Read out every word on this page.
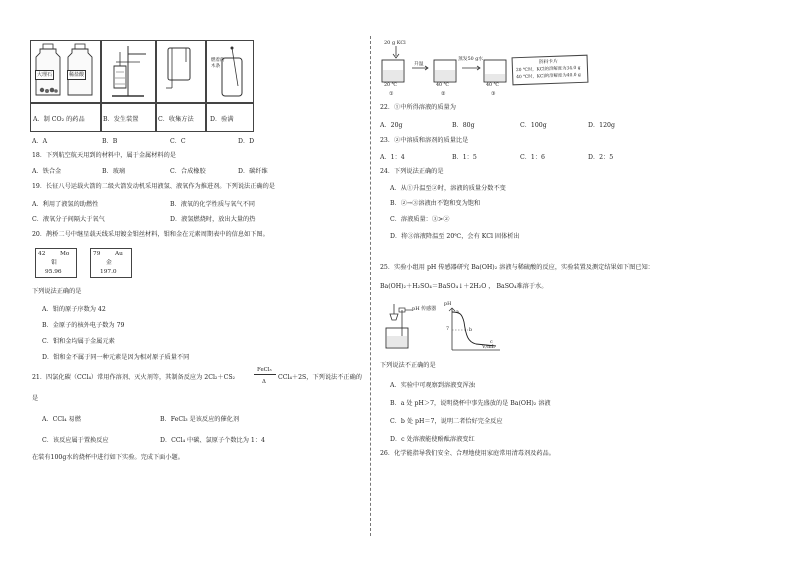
大理石	稀盐酸
燃着的
木条
A．制 CO₂ 的药品	B．发生装置	C．收集方法	D．验满
A．A	B．B	C．C	D．D
18．下列航空航天用到的材料中，属于金属材料的是
A．铁合金	B．玻璃	C．合成橡胶	D．碳纤维
19．长征八号运载火箭的二级火箭发动机采用液氢、液氧作为推进剂。下列说法正确的是
A．利用了液氢的助燃性	B．液氧的化学性质与氧气不同
C．液氧分子间隔大于氧气	D．液氢燃烧时，放出大量的热
20．鹊桥二号中继星载天线采用镀金钼丝材料，钼和金在元素周期表中的信息如下图。
42	Mo
钼
95.96
79	Au
金
197.0
下列说法正确的是
A．钼的原子序数为 42
B．金原子的核外电子数为 79
C．钼和金均属于金属元素
D．钼和金不属于同一种元素是因为相对原子质量不同
21．四氯化碳（CCl₄）常用作溶剂、灭火剂等，其制备反应为 2Cl₂＋CS₂
FeCl₃
Δ
CCl₄＋2S，下列说法不正确的
是
A．CCl₄ 易燃	B．FeCl₃ 是该反应的催化剂
C．该反应属于置换反应	D．CCl₄ 中碳、氯原子个数比为 1：4
在装有100g水的烧杯中进行如下实验。完成下面小题。
20 g KCl
升温
蒸发50 g水
20 ℃	40 ℃	40 ℃
①	②	③
资料卡片
20 ℃时，KCl的溶解度为34.0 g
40 ℃时，KCl的溶解度为40.0 g
22．①中所得溶液的质量为
A．20g	B．80g	C．100g	D．120g
23．②中溶质和溶剂的质量比是
A．1：4	B．1：5	C．1：6	D．2：5
24．下列说法正确的是
A．从①升温至②时，溶液的质量分数不变
B．②→③溶液由不饱和变为饱和
C．溶液质量：③>②
D．将③溶液降温至 20℃，会有 KCl 固体析出
25．实验小组用 pH 传感器研究 Ba(OH)₂ 溶液与稀硫酸的反应，实验装置及测定结果如下图已知：
Ba(OH)₂＋H₂SO₄＝BaSO₄↓＋2H₂O ， BaSO₄难溶于水。
pH 传感器
pH
V/mL
7
a
b
c
下列说法不正确的是
A．实验中可观察到溶液变浑浊
B．a 处 pH＞7，说明烧杯中事先盛放的是 Ba(OH)₂ 溶液
C．b 处 pH＝7，说明二者恰好完全反应
D．c 处溶液能使酚酞溶液变红
26．化学能指导我们安全、合理地使用家庭常用清毒剂及药品。
